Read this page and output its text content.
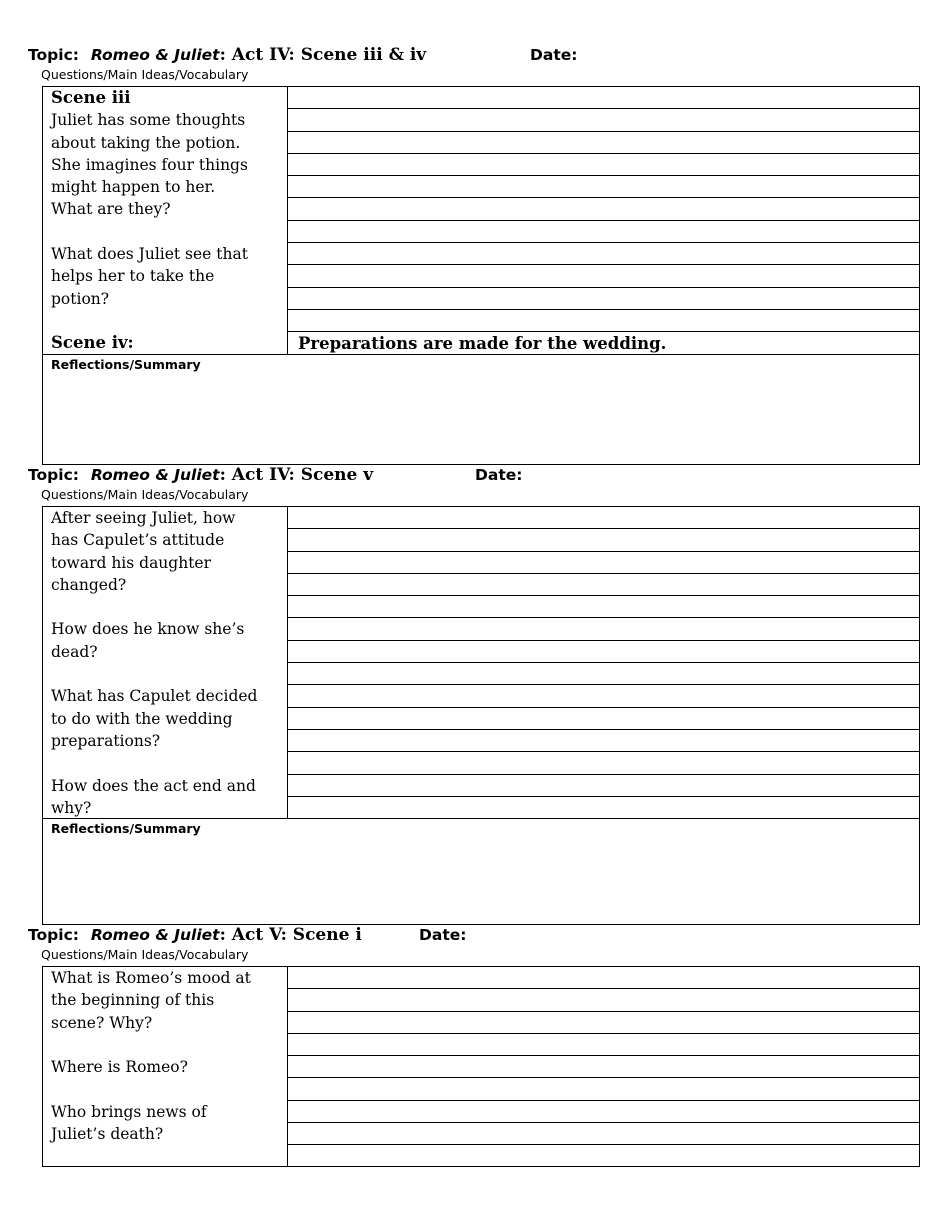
Topic: Romeo & Juliet: Act IV: Scene iii & iv	Date:
Questions/Main Ideas/Vocabulary
Scene iii
Juliet has some thoughts
about taking the potion.
She imagines four things
might happen to her.
What are they?
What does Juliet see that
helps her to take the
potion?
Scene iv:	Preparations are made for the wedding.
Reflections/Summary
Topic: Romeo & Juliet: Act IV: Scene v	Date:
Questions/Main Ideas/Vocabulary
After seeing Juliet, how
has Capulet’s attitude
toward his daughter
changed?
How does he know she’s
dead?
What has Capulet decided
to do with the wedding
preparations?
How does the act end and
why?
Reflections/Summary
Topic: Romeo & Juliet: Act V: Scene i	Date:
Questions/Main Ideas/Vocabulary
What is Romeo’s mood at
the beginning of this
scene? Why?
Where is Romeo?
Who brings news of
Juliet’s death?
